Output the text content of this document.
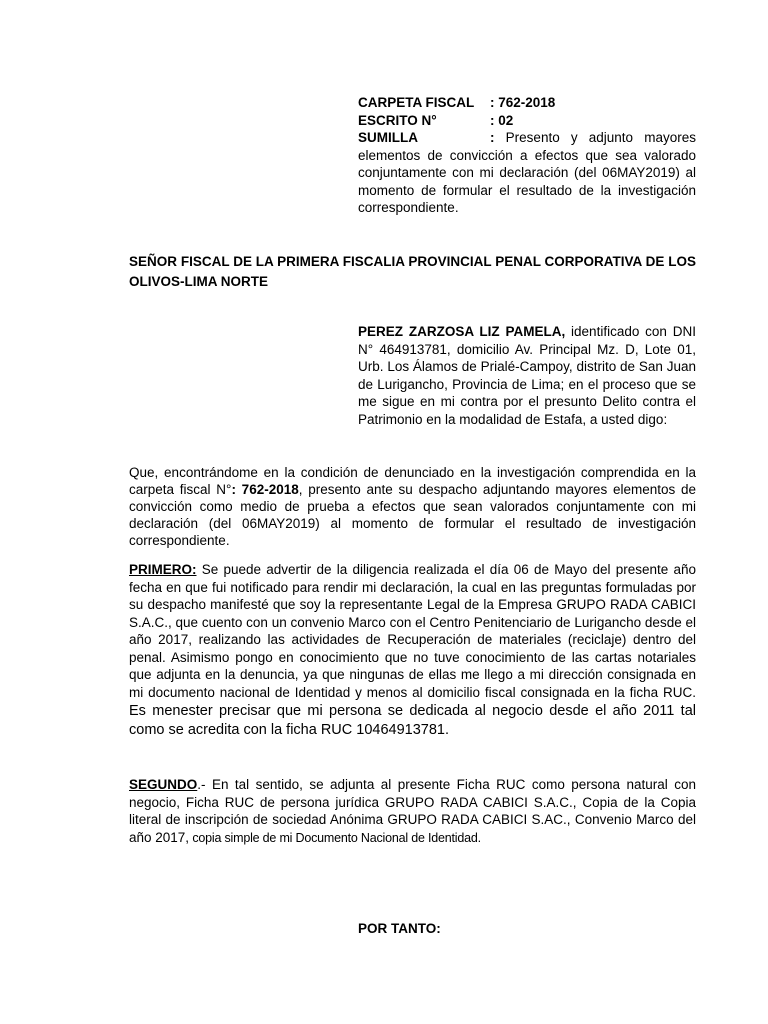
CARPETA FISCAL	: 762-2018
ESCRITO N°	: 02
SUMILLA	: Presento y adjunto mayores elementos de convicción a efectos que sea valorado conjuntamente con mi declaración (del 06MAY2019) al momento de formular el resultado de la investigación correspondiente.
SEÑOR FISCAL DE LA PRIMERA FISCALIA PROVINCIAL PENAL CORPORATIVA DE LOS OLIVOS-LIMA NORTE
PEREZ ZARZOSA LIZ PAMELA, identificado con DNI N° 464913781, domicilio Av. Principal Mz. D, Lote 01, Urb. Los Álamos de Prialé-Campoy, distrito de San Juan de Lurigancho, Provincia de Lima; en el proceso que se me sigue en mi contra por el presunto Delito contra el Patrimonio en la modalidad de Estafa, a usted digo:
Que, encontrándome en la condición de denunciado en la investigación comprendida en la carpeta fiscal N°: 762-2018, presento ante su despacho adjuntando mayores elementos de convicción como medio de prueba a efectos que sean valorados conjuntamente con mi declaración (del 06MAY2019) al momento de formular el resultado de investigación correspondiente.
PRIMERO: Se puede advertir de la diligencia realizada el día 06 de Mayo del presente año fecha en que fui notificado para rendir mi declaración, la cual en las preguntas formuladas por su despacho manifesté que soy la representante Legal de la Empresa GRUPO RADA CABICI S.A.C., que cuento con un convenio Marco con el Centro Penitenciario de Lurigancho desde el año 2017, realizando las actividades de Recuperación de materiales (reciclaje) dentro del penal. Asimismo pongo en conocimiento que no tuve conocimiento de las cartas notariales que adjunta en la denuncia, ya que ningunas de ellas me llego a mi dirección consignada en mi documento nacional de Identidad y menos al domicilio fiscal consignada en la ficha RUC. Es menester precisar que mi persona se dedicada al negocio desde el año 2011 tal como se acredita con la ficha RUC 10464913781.
SEGUNDO.- En tal sentido, se adjunta al presente Ficha RUC como persona natural con negocio, Ficha RUC de persona jurídica GRUPO RADA CABICI S.A.C., Copia de la Copia literal de inscripción de sociedad Anónima GRUPO RADA CABICI S.AC., Convenio Marco del año 2017, copia simple de mi Documento Nacional de Identidad.
POR TANTO:
